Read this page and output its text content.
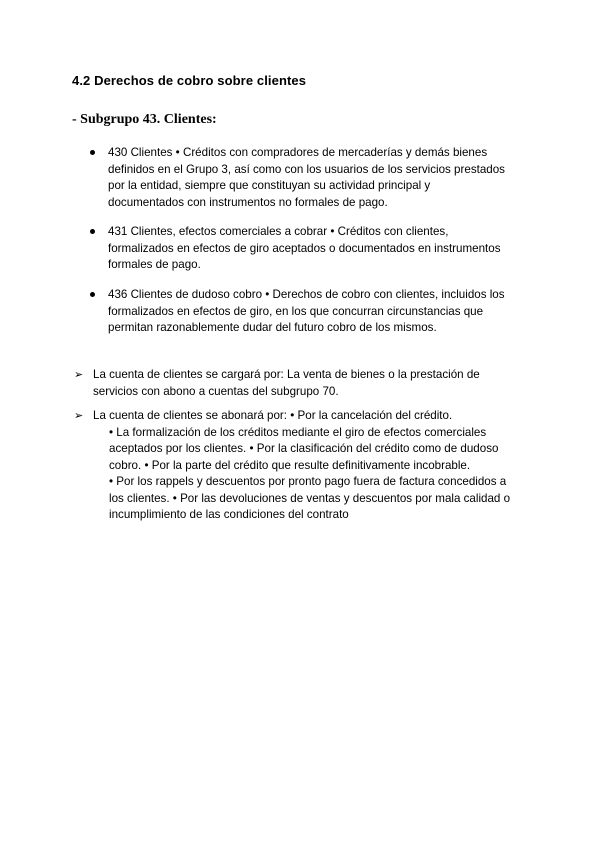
4.2 Derechos de cobro sobre clientes
- Subgrupo 43. Clientes:
430 Clientes • Créditos con compradores de mercaderías y demás bienes
definidos en el Grupo 3, así como con los usuarios de los servicios prestados
por la entidad, siempre que constituyan su actividad principal y
documentados con instrumentos no formales de pago.
431 Clientes, efectos comerciales a cobrar • Créditos con clientes,
formalizados en efectos de giro aceptados o documentados en instrumentos
formales de pago.
436 Clientes de dudoso cobro • Derechos de cobro con clientes, incluidos los
formalizados en efectos de giro, en los que concurran circunstancias que
permitan razonablemente dudar del futuro cobro de los mismos.
➢ La cuenta de clientes se cargará por: La venta de bienes o la prestación de
servicios con abono a cuentas del subgrupo 70.
➢ La cuenta de clientes se abonará por: • Por la cancelación del crédito.
• La formalización de los créditos mediante el giro de efectos comerciales
aceptados por los clientes. • Por la clasificación del crédito como de dudoso
cobro. • Por la parte del crédito que resulte definitivamente incobrable.
• Por los rappels y descuentos por pronto pago fuera de factura concedidos a
los clientes. • Por las devoluciones de ventas y descuentos por mala calidad o
incumplimiento de las condiciones del contrato
